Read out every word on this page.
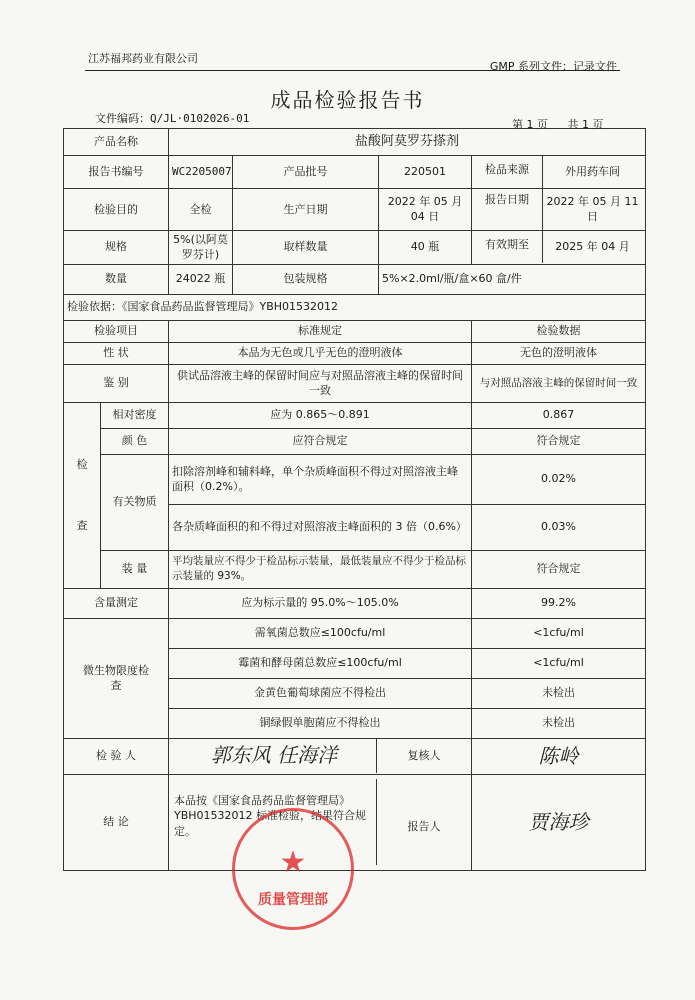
江苏福邦药业有限公司
GMP 系列文件：记录文件
成品检验报告书
文件编码：Q/JL·0102026-01	第 1 页 共 1 页
产品名称		盐酸阿莫罗芬搽剂			
报告书编号		WC2205007	产品批号	220501	检品来源 外用药车间

检验目的		全检	生产日期	2022 年 05 月 04 日	报告日期 2022 年 05 月 11 日

规格		5%(以阿莫罗芬计)	取样数量	40 瓶	有效期至 2025 年 04 月

数量		24022 瓶	包装规格	5%×2.0ml/瓶/盒×60 盒/件	
检验依据：《国家食品药品监督管理局》YBH01532012					
检验项目		标准规定			检验数据
性 状		本品为无色或几乎无色的澄明液体			无色的澄明液体
鉴 别		供试品溶液主峰的保留时间应与对照品溶液主峰的保留时间一致			与对照品溶液主峰的保留时间一致
检

查	相对密度	应为 0.865～0.891			0.867
	颜 色	应符合规定			符合规定
	有关物质	扣除溶剂峰和辅料峰，单个杂质峰面积不得过对照溶液主峰面积（0.2%）。			0.02%
		各杂质峰面积的和不得过对照溶液主峰面积的 3 倍（0.6%）			0.03%
	装 量	平均装量应不得少于检品标示装量，最低装量应不得少于检品标示装量的 93%。			符合规定

含量测定		应为标示量的 95.0%～105.0%			99.2%
微生物限度检查		需氧菌总数应≤100cfu/ml			<1cfu/ml
		霉菌和酵母菌总数应≤100cfu/ml			<1cfu/ml
		金黄色葡萄球菌应不得检出			未检出
		铜绿假单胞菌应不得检出			未检出
检 验 人		郭东风 任海洋 复核人			陈岭
结 论		本品按《国家食品药品监督管理局》YBH01532012 标准检验，结果符合规定。 报告人			贾海珍
★
质量管理部
